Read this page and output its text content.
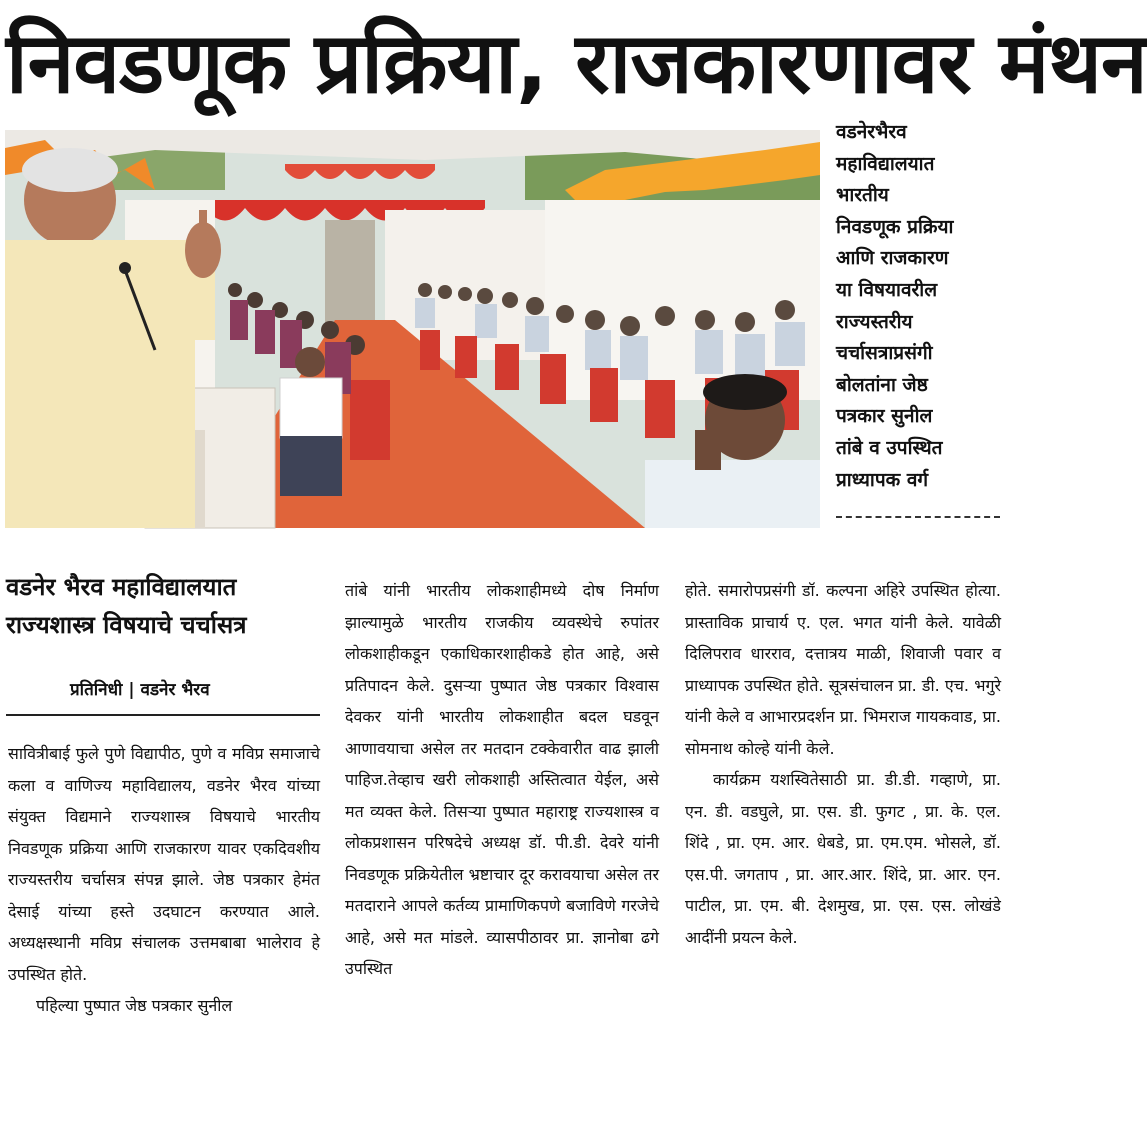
निवडणूक प्रक्रिया, राजकारणावर मंथन
वडनेरभैरव
महाविद्यालयात
भारतीय
निवडणूक प्रक्रिया
आणि राजकारण
या विषयावरील
राज्यस्तरीय
चर्चासत्राप्रसंगी
बोलतांना जेष्ठ
पत्रकार सुनील
तांबे व उपस्थित
प्राध्यापक वर्ग
वडनेर भैरव महाविद्यालयात
राज्यशास्त्र विषयाचे चर्चासत्र
प्रतिनिधी | वडनेर भैरव

सावित्रीबाई फुले पुणे विद्यापीठ, पुणे व मविप्र समाजाचे कला व वाणिज्य महाविद्यालय, वडनेर भैरव यांच्या संयुक्त विद्यमाने राज्यशास्त्र विषयाचे भारतीय निवडणूक प्रक्रिया आणि राजकारण यावर एकदिवशीय राज्यस्तरीय चर्चासत्र संपन्न झाले. जेष्ठ पत्रकार हेमंत देसाई यांच्या हस्ते उदघाटन करण्यात आले. अध्यक्षस्थानी मविप्र संचालक उत्तमबाबा भालेराव हे उपस्थित होते.

पहिल्या पुष्पात जेष्ठ पत्रकार सुनील

तांबे यांनी भारतीय लोकशाहीमध्ये दोष निर्माण झाल्यामुळे भारतीय राजकीय व्यवस्थेचे रुपांतर लोकशाहीकडून एकाधिकारशाहीकडे होत आहे, असे प्रतिपादन केले. दुसऱ्या पुष्पात जेष्ठ पत्रकार विश्वास देवकर यांनी भारतीय लोकशाहीत बदल घडवून आणावयाचा असेल तर मतदान टक्केवारीत वाढ झाली पाहिज.तेव्हाच खरी लोकशाही अस्तित्वात येईल, असे मत व्यक्त केले. तिसऱ्या पुष्पात महाराष्ट्र राज्यशास्त्र व लोकप्रशासन परिषदेचे अध्यक्ष डॉ. पी.डी. देवरे यांनी निवडणूक प्रक्रियेतील भ्रष्टाचार दूर करावयाचा असेल तर मतदाराने आपले कर्तव्य प्रामाणिकपणे बजाविणे गरजेचे आहे, असे मत मांडले. व्यासपीठावर प्रा. ज्ञानोबा ढगे उपस्थित

होते. समारोपप्रसंगी डॉ. कल्पना अहिरे उपस्थित होत्या. प्रास्ताविक प्राचार्य ए. एल. भगत यांनी केले. यावेळी दिलिपराव धारराव, दत्तात्रय माळी, शिवाजी पवार व प्राध्यापक उपस्थित होते. सूत्रसंचालन प्रा. डी. एच. भगुरे यांनी केले व आभारप्रदर्शन प्रा. भिमराज गायकवाड, प्रा. सोमनाथ कोल्हे यांनी केले.

कार्यक्रम यशस्वितेसाठी प्रा. डी.डी. गव्हाणे, प्रा. एन. डी. वडघुले, प्रा. एस. डी. फुगट , प्रा. के. एल. शिंदे , प्रा. एम. आर. धेबडे, प्रा. एम.एम. भोसले, डॉ. एस.पी. जगताप , प्रा. आर.आर. शिंदे, प्रा. आर. एन. पाटील, प्रा. एम. बी. देशमुख, प्रा. एस. एस. लोखंडे आदींनी प्रयत्न केले.
